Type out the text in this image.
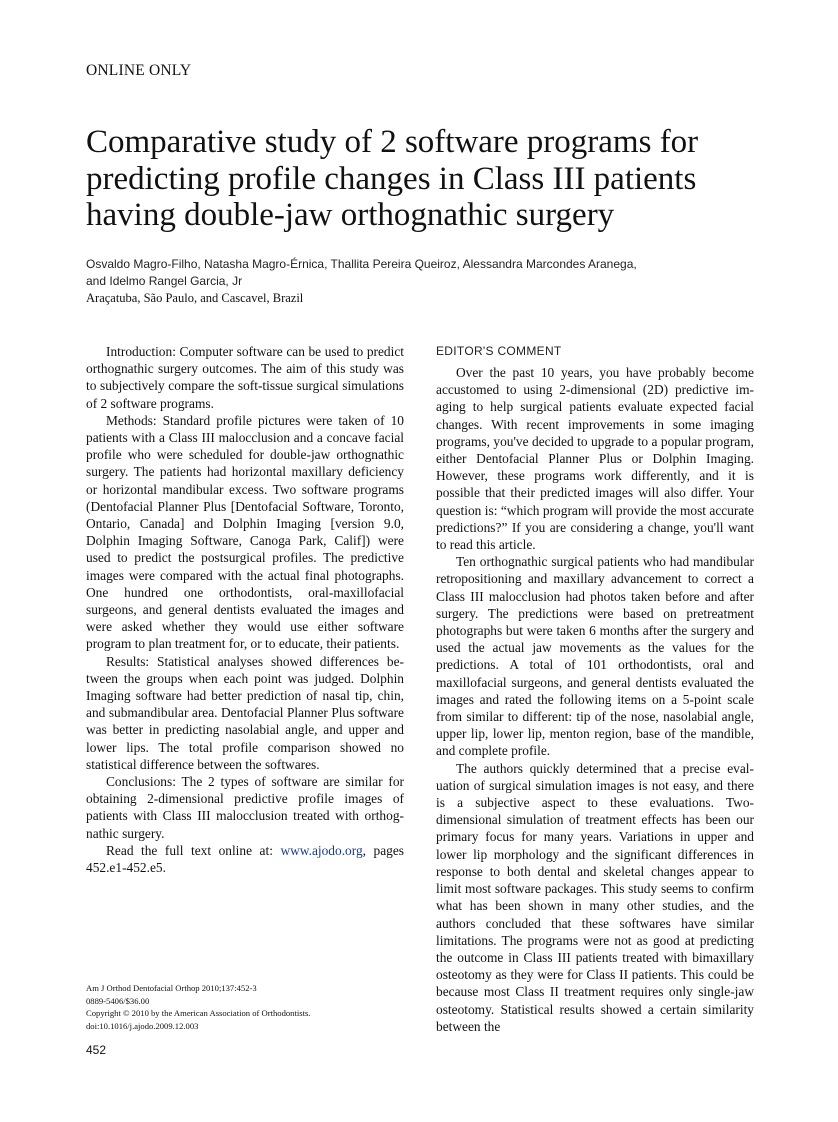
ONLINE ONLY
Comparative study of 2 software programs for predicting profile changes in Class III patients having double-jaw orthognathic surgery
Osvaldo Magro-Filho, Natasha Magro-Érnica, Thallita Pereira Queiroz, Alessandra Marcondes Aranega,
and Idelmo Rangel Garcia, Jr
Araçatuba, São Paulo, and Cascavel, Brazil

Introduction: Computer software can be used to predict orthognathic surgery outcomes. The aim of this study was to subjectively compare the soft-tissue surgical simulations of 2 software programs.

Methods: Standard profile pictures were taken of 10 patients with a Class III malocclusion and a concave facial profile who were scheduled for double-jaw orthognathic surgery. The patients had horizontal maxillary deficiency or horizontal mandibular excess. Two software programs (Dentofacial Planner Plus [Dentofacial Software, Toronto, Ontario, Canada] and Dolphin Imaging [version 9.0, Dolphin Imaging Software, Canoga Park, Calif]) were used to predict the postsurgical profiles. The predictive images were compared with the actual final photographs. One hundred one orthodontists, oral-maxillofacial surgeons, and general dentists evaluated the images and were asked whether they would use either software program to plan treatment for, or to educate, their patients.

Results: Statistical analyses showed differences between the groups when each point was judged. Dolphin Imaging software had better prediction of nasal tip, chin, and submandibular area. Dentofacial Planner Plus software was better in predicting nasolabial angle, and upper and lower lips. The total profile comparison showed no statistical difference between the softwares.

Conclusions: The 2 types of software are similar for obtaining 2-dimensional predictive profile images of patients with Class III malocclusion treated with orthognathic surgery.

Read the full text online at: www.ajodo.org, pages 452.e1-452.e5.

EDITOR'S COMMENT

Over the past 10 years, you have probably become accustomed to using 2-dimensional (2D) predictive imaging to help surgical patients evaluate expected facial changes. With recent improvements in some imaging programs, you've decided to upgrade to a popular program, either Dentofacial Planner Plus or Dolphin Imaging. However, these programs work differently, and it is possible that their predicted images will also differ. Your question is: “which program will provide the most accurate predictions?” If you are considering a change, you'll want to read this article.

Ten orthognathic surgical patients who had mandibular retropositioning and maxillary advancement to correct a Class III malocclusion had photos taken before and after surgery. The predictions were based on pretreatment photographs but were taken 6 months after the surgery and used the actual jaw movements as the values for the predictions. A total of 101 orthodontists, oral and maxillofacial surgeons, and general dentists evaluated the images and rated the following items on a 5-point scale from similar to different: tip of the nose, nasolabial angle, upper lip, lower lip, menton region, base of the mandible, and complete profile.

The authors quickly determined that a precise evaluation of surgical simulation images is not easy, and there is a subjective aspect to these evaluations. Two-dimensional simulation of treatment effects has been our primary focus for many years. Variations in upper and lower lip morphology and the significant differences in response to both dental and skeletal changes appear to limit most software packages. This study seems to confirm what has been shown in many other studies, and the authors concluded that these softwares have similar limitations. The programs were not as good at predicting the outcome in Class III patients treated with bimaxillary osteotomy as they were for Class II patients. This could be because most Class II treatment requires only single-jaw osteotomy. Statistical results showed a certain similarity between the

Am J Orthod Dentofacial Orthop 2010;137:452-3
0889-5406/$36.00
Copyright © 2010 by the American Association of Orthodontists.
doi:10.1016/j.ajodo.2009.12.003
452
